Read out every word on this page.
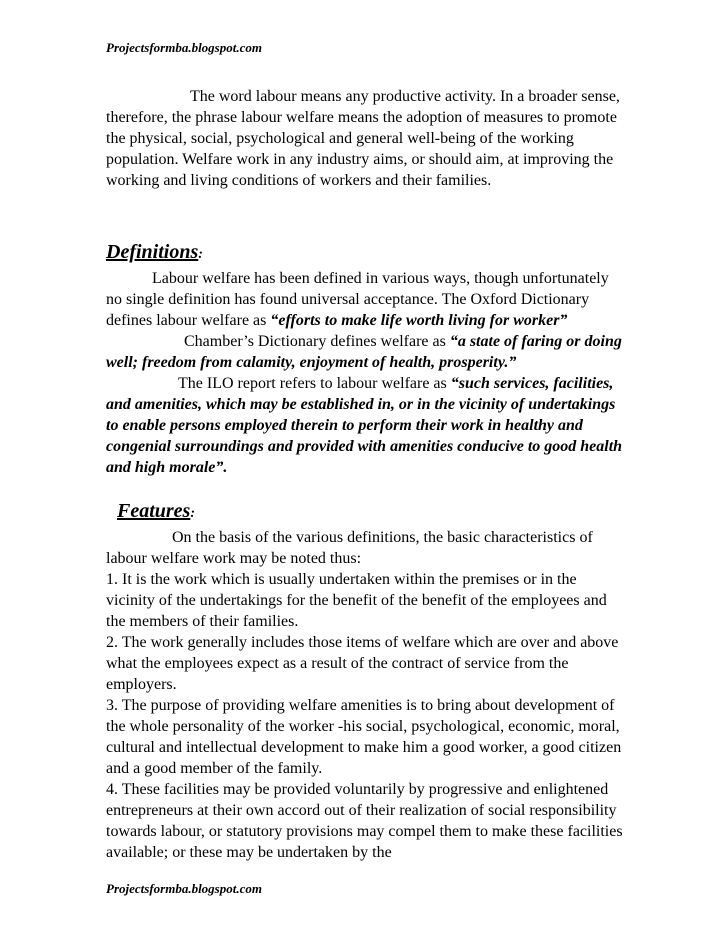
Projectsformba.blogspot.com

The word labour means any productive activity. In a broader sense, therefore, the phrase labour welfare means the adoption of measures to promote the physical, social, psychological and general well-being of the working population. Welfare work in any industry aims, or should aim, at improving the working and living conditions of workers and their families.

Definitions:

Labour welfare has been defined in various ways, though unfortunately no single definition has found universal acceptance. The Oxford Dictionary defines labour welfare as “efforts to make life worth living for worker”

Chamber’s Dictionary defines welfare as “a state of faring or doing well; freedom from calamity, enjoyment of health, prosperity.”

The ILO report refers to labour welfare as “such services, facilities, and amenities, which may be established in, or in the vicinity of undertakings to enable persons employed therein to perform their work in healthy and congenial surroundings and provided with amenities conducive to good health and high morale”.

Features:

On the basis of the various definitions, the basic characteristics of labour welfare work may be noted thus:

1. It is the work which is usually undertaken within the premises or in the vicinity of the undertakings for the benefit of the benefit of the employees and the members of their families.

2. The work generally includes those items of welfare which are over and above what the employees expect as a result of the contract of service from the employers.

3. The purpose of providing welfare amenities is to bring about development of the whole personality of the worker -his social, psychological, economic, moral, cultural and intellectual development to make him a good worker, a good citizen and a good member of the family.

4. These facilities may be provided voluntarily by progressive and enlightened entrepreneurs at their own accord out of their realization of social responsibility towards labour, or statutory provisions may compel them to make these facilities available; or these may be undertaken by the

Projectsformba.blogspot.com
